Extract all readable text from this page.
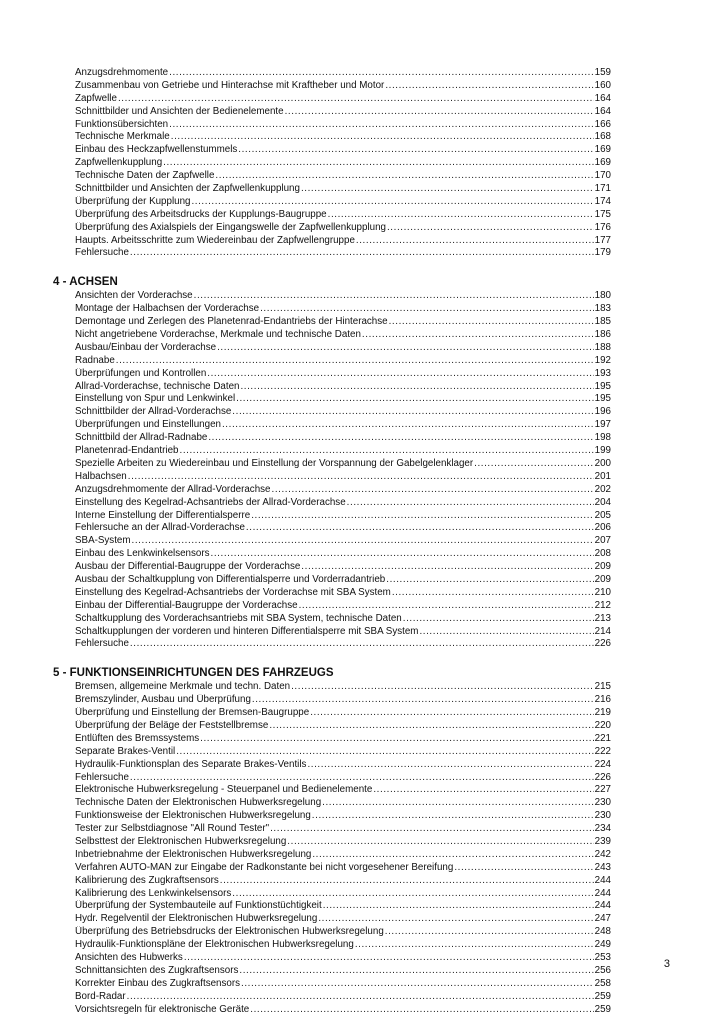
Anzugsdrehmomente .....	159
Zusammenbau von Getriebe und Hinterachse mit Kraftheber und Motor .....	160
Zapfwelle .....	164
Schnittbilder und Ansichten der Bedienelemente .....	164
Funktionsübersichten .....	166
Technische Merkmale .....	168
Einbau des Heckzapfwellenstummels .....	169
Zapfwellenkupplung .....	169
Technische Daten der Zapfwelle .....	170
Schnittbilder und Ansichten der Zapfwellenkupplung .....	171
Überprüfung der Kupplung .....	174
Überprüfung des Arbeitsdrucks der Kupplungs-Baugruppe .....	175
Überprüfung des Axialspiels der Eingangswelle der Zapfwellenkupplung .....	176
Haupts. Arbeitsschritte zum Wiedereinbau der Zapfwellengruppe .....	177
Fehlersuche .....	179
4 - ACHSEN
Ansichten der Vorderachse .....	180
Montage der Halbachsen der Vorderachse .....	183
Demontage und Zerlegen des Planetenrad-Endantriebs der Hinterachse .....	185
Nicht angetriebene Vorderachse, Merkmale und technische Daten .....	186
Ausbau/Einbau der Vorderachse .....	188
Radnabe .....	192
Überprüfungen und Kontrollen .....	193
Allrad-Vorderachse, technische Daten .....	195
Einstellung von Spur und Lenkwinkel .....	195
Schnittbilder der Allrad-Vorderachse .....	196
Überprüfungen und Einstellungen .....	197
Schnittbild der Allrad-Radnabe .....	198
Planetenrad-Endantrieb .....	199
Spezielle Arbeiten zu Wiedereinbau und Einstellung der Vorspannung der Gabelgelenklager .....	200
Halbachsen .....	201
Anzugsdrehmomente der Allrad-Vorderachse .....	202
Einstellung des Kegelrad-Achsantriebs der Allrad-Vorderachse .....	204
Interne Einstellung der Differentialsperre .....	205
Fehlersuche an der Allrad-Vorderachse .....	206
SBA-System .....	207
Einbau des Lenkwinkelsensors .....	208
Ausbau der Differential-Baugruppe der Vorderachse .....	209
Ausbau der Schaltkupplung von Differentialsperre und Vorderradantrieb .....	209
Einstellung des Kegelrad-Achsantriebs der Vorderachse mit SBA System .....	210
Einbau der Differential-Baugruppe der Vorderachse .....	212
Schaltkupplung des Vorderachsantriebs mit SBA System, technische Daten .....	213
Schaltkupplungen der vorderen und hinteren Differentialsperre mit SBA System .....	214
Fehlersuche .....	226
5 - FUNKTIONSEINRICHTUNGEN DES FAHRZEUGS
Bremsen, allgemeine Merkmale und techn. Daten .....	215
Bremszylinder, Ausbau und Überprüfung .....	216
Überprüfung und Einstellung der Bremsen-Baugruppe .....	219
Überprüfung der Beläge der Feststellbremse .....	220
Entlüften des Bremssystems .....	221
Separate Brakes-Ventil .....	222
Hydraulik-Funktionsplan des Separate Brakes-Ventils .....	224
Fehlersuche .....	226
Elektronische Hubwerksregelung - Steuerpanel und Bedienelemente .....	227
Technische Daten der Elektronischen Hubwerksregelung .....	230
Funktionsweise der Elektronischen Hubwerksregelung .....	230
Tester zur Selbstdiagnose "All Round Tester" .....	234
Selbsttest der Elektronischen Hubwerksregelung .....	239
Inbetriebnahme der Elektronischen Hubwerksregelung .....	242
Verfahren AUTO-MAN zur Eingabe der Radkonstante bei nicht vorgesehener Bereifung .....	243
Kalibrierung des Zugkraftsensors .....	244
Kalibrierung des Lenkwinkelsensors .....	244
Überprüfung der Systembauteile auf Funktionstüchtigkeit .....	244
Hydr. Regelventil der Elektronischen Hubwerksregelung .....	247
Überprüfung des Betriebsdrucks der Elektronischen Hubwerksregelung .....	248
Hydraulik-Funktionspläne der Elektronischen Hubwerksregelung .....	249
Ansichten des Hubwerks .....	253
Schnittansichten des Zugkraftsensors .....	256
Korrekter Einbau des Zugkraftsensors .....	258
Bord-Radar .....	259
Vorsichtsregeln für elektronische Geräte .....	259
3
